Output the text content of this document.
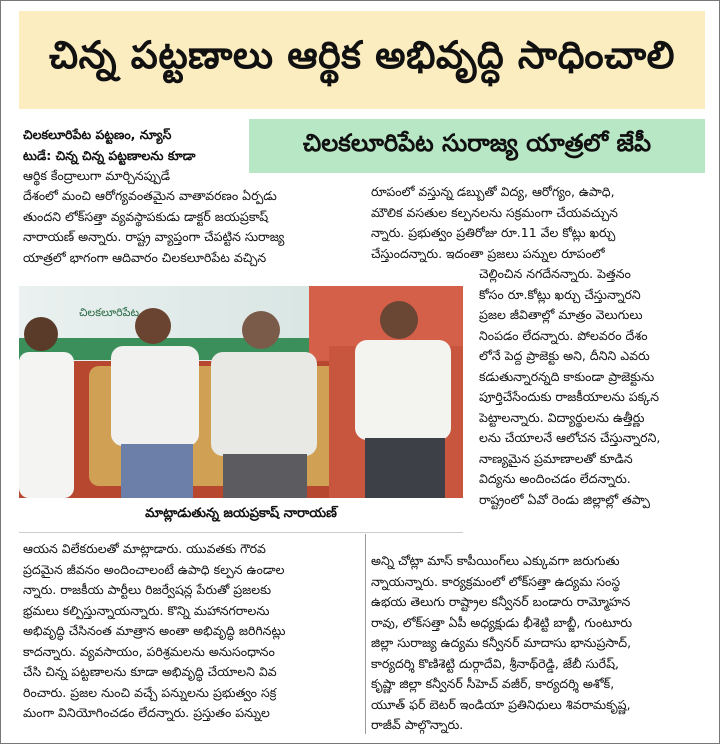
చిన్న పట్టణాలు ఆర్థిక అభివృద్ధి సాధించాలి
చిలకలూరిపేట సురాజ్య యాత్రలో జేపీ
చిలకలూరిపేట పట్టణం, న్యూస్
టుడే: చిన్న చిన్న పట్టణాలను కూడా
ఆర్థిక కేంద్రాలుగా మార్చినప్పుడే
దేశంలో మంచి ఆరోగ్యవంతమైన వాతావరణం ఏర్పడు
తుందని లోక్‌సత్తా వ్యవస్థాపకుడు డాక్టర్ జయప్రకాష్
నారాయణ్ అన్నారు. రాష్ట్ర వ్యాప్తంగా చేపట్టిన సురాజ్య
యాత్రలో భాగంగా ఆదివారం చిలకలూరిపేట వచ్చిన
రూపంలో వస్తున్న డబ్బుతో విద్య, ఆరోగ్యం, ఉపాధి,
మౌలిక వసతుల కల్పనలను సక్రమంగా చేయవచ్చున
న్నారు. ప్రభుత్వం ప్రతిరోజు రూ.11 వేల కోట్లు ఖర్చు
చేస్తుందన్నారు. ఇదంతా ప్రజలు పన్నుల రూపంలో
చిలకలూరిపేట
మాట్లాడుతున్న జయప్రకాష్ నారాయణ్
ఆయన విలేకరులతో మాట్లాడారు. యువతకు గౌరవ
ప్రదమైన జీవనం అందించాలంటే ఉపాధి కల్పన ఉండాల
న్నారు. రాజకీయ పార్టీలు రిజర్వేషన్ల పేరుతో ప్రజలకు
భ్రమలు కల్పిస్తున్నాయన్నారు. కొన్ని మహానగరాలను
అభివృద్ధి చేసినంత మాత్రాన అంతా అభివృద్ధి జరిగినట్లు
కాదన్నారు. వ్యవసాయం, పరిశ్రమలను అనుసంధానం
చేసి చిన్న పట్టణాలను కూడా అభివృద్ధి చేయాలని వివ
రించారు. ప్రజల నుంచి వచ్చే పన్నులను ప్రభుత్వం సక్ర
మంగా వినియోగించడం లేదన్నారు. ప్రస్తుతం పన్నుల
చెల్లించిన నగదేనన్నారు. పెత్తనం
కోసం రూ.కోట్లు ఖర్చు చేస్తున్నారని
ప్రజల జీవితాల్లో మాత్రం వెలుగులు
నింపడం లేదన్నారు. పోలవరం దేశం
లోనే పెద్ద ప్రాజెక్టు అని, దీనిని ఎవరు
కడుతున్నారన్నది కాకుండా ప్రాజెక్టును
పూర్తిచేసేందుకు రాజకీయాలను పక్కన
పెట్టాలన్నారు. విద్యార్థులను ఉత్తీర్ణు
లను చేయాలనే ఆలోచన చేస్తున్నారని,
నాణ్యమైన ప్రమాణాలతో కూడిన
విద్యను అందించడం లేదన్నారు.
రాష్ట్రంలో ఏవో రెండు జిల్లాల్లో తప్పా
అన్ని చోట్లా మాస్ కాపీయింగ్‌లు ఎక్కువగా జరుగుతు
న్నాయన్నారు. కార్యక్రమంలో లోక్‌సత్తా ఉద్యమ సంస్థ
ఉభయ తెలుగు రాష్ట్రాల కన్వీనర్ బండారు రామ్మోహన
రావు, లోక్‌సత్తా ఏపీ అధ్యక్షుడు భీశెట్టి బాబ్జీ, గుంటూరు
జిల్లా సురాజ్య ఉద్యమ కన్వీనర్ మాదాసు భానుప్రసాద్,
కార్యదర్శి కొణిశెట్టి దుర్గాదేవి, శ్రీనాథ్‌రెడ్డి, జేబీ సురేష్,
కృష్ణా జిల్లా కన్వీనర్ సీహెచ్ వజీర్, కార్యదర్శి అశోక్,
యూత్ ఫర్ బెటర్ ఇండియా ప్రతినిధులు శివరామకృష్ణ,
రాజీవ్ పాల్గొన్నారు.
